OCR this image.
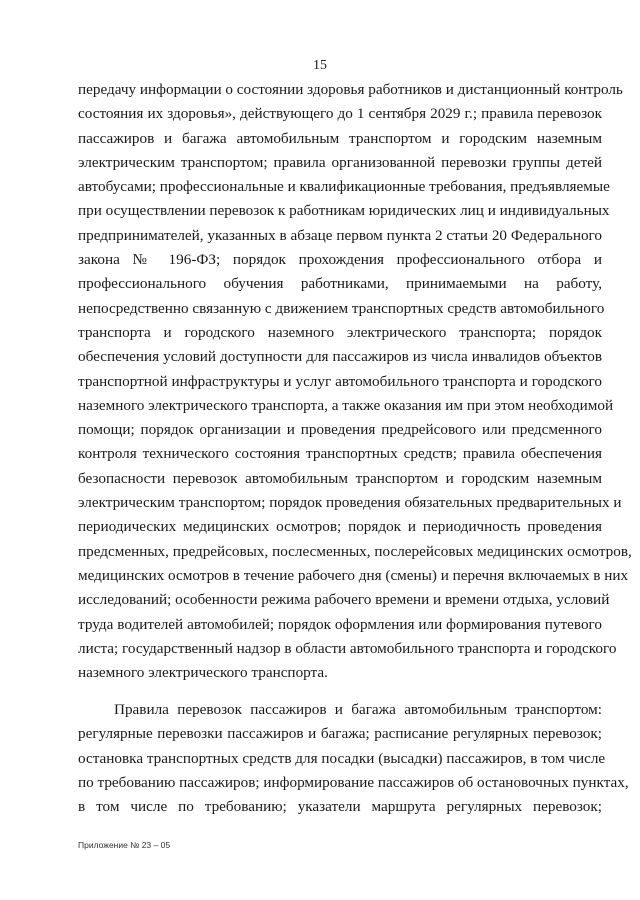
15
передачу информации о состоянии здоровья работников и дистанционный контроль
состояния их здоровья», действующего до 1 сентября 2029 г.; правила перевозок
пассажиров и багажа автомобильным транспортом и городским наземным
электрическим транспортом; правила организованной перевозки группы детей
автобусами; профессиональные и квалификационные требования, предъявляемые
при осуществлении перевозок к работникам юридических лиц и индивидуальных
предпринимателей, указанных в абзаце первом пункта 2 статьи 20 Федерального
закона № 196-ФЗ; порядок прохождения профессионального отбора и
профессионального обучения работниками, принимаемыми на работу,
непосредственно связанную с движением транспортных средств автомобильного
транспорта и городского наземного электрического транспорта; порядок
обеспечения условий доступности для пассажиров из числа инвалидов объектов
транспортной инфраструктуры и услуг автомобильного транспорта и городского
наземного электрического транспорта, а также оказания им при этом необходимой
помощи; порядок организации и проведения предрейсового или предсменного
контроля технического состояния транспортных средств; правила обеспечения
безопасности перевозок автомобильным транспортом и городским наземным
электрическим транспортом; порядок проведения обязательных предварительных и
периодических медицинских осмотров; порядок и периодичность проведения
предсменных, предрейсовых, послесменных, послерейсовых медицинских осмотров,
медицинских осмотров в течение рабочего дня (смены) и перечня включаемых в них
исследований; особенности режима рабочего времени и времени отдыха, условий
труда водителей автомобилей; порядок оформления или формирования путевого
листа; государственный надзор в области автомобильного транспорта и городского
наземного электрического транспорта.
Правила перевозок пассажиров и багажа автомобильным транспортом:
регулярные перевозки пассажиров и багажа; расписание регулярных перевозок;
остановка транспортных средств для посадки (высадки) пассажиров, в том числе
по требованию пассажиров; информирование пассажиров об остановочных пунктах,
в том числе по требованию; указатели маршрута регулярных перевозок;
Приложение № 23 – 05
